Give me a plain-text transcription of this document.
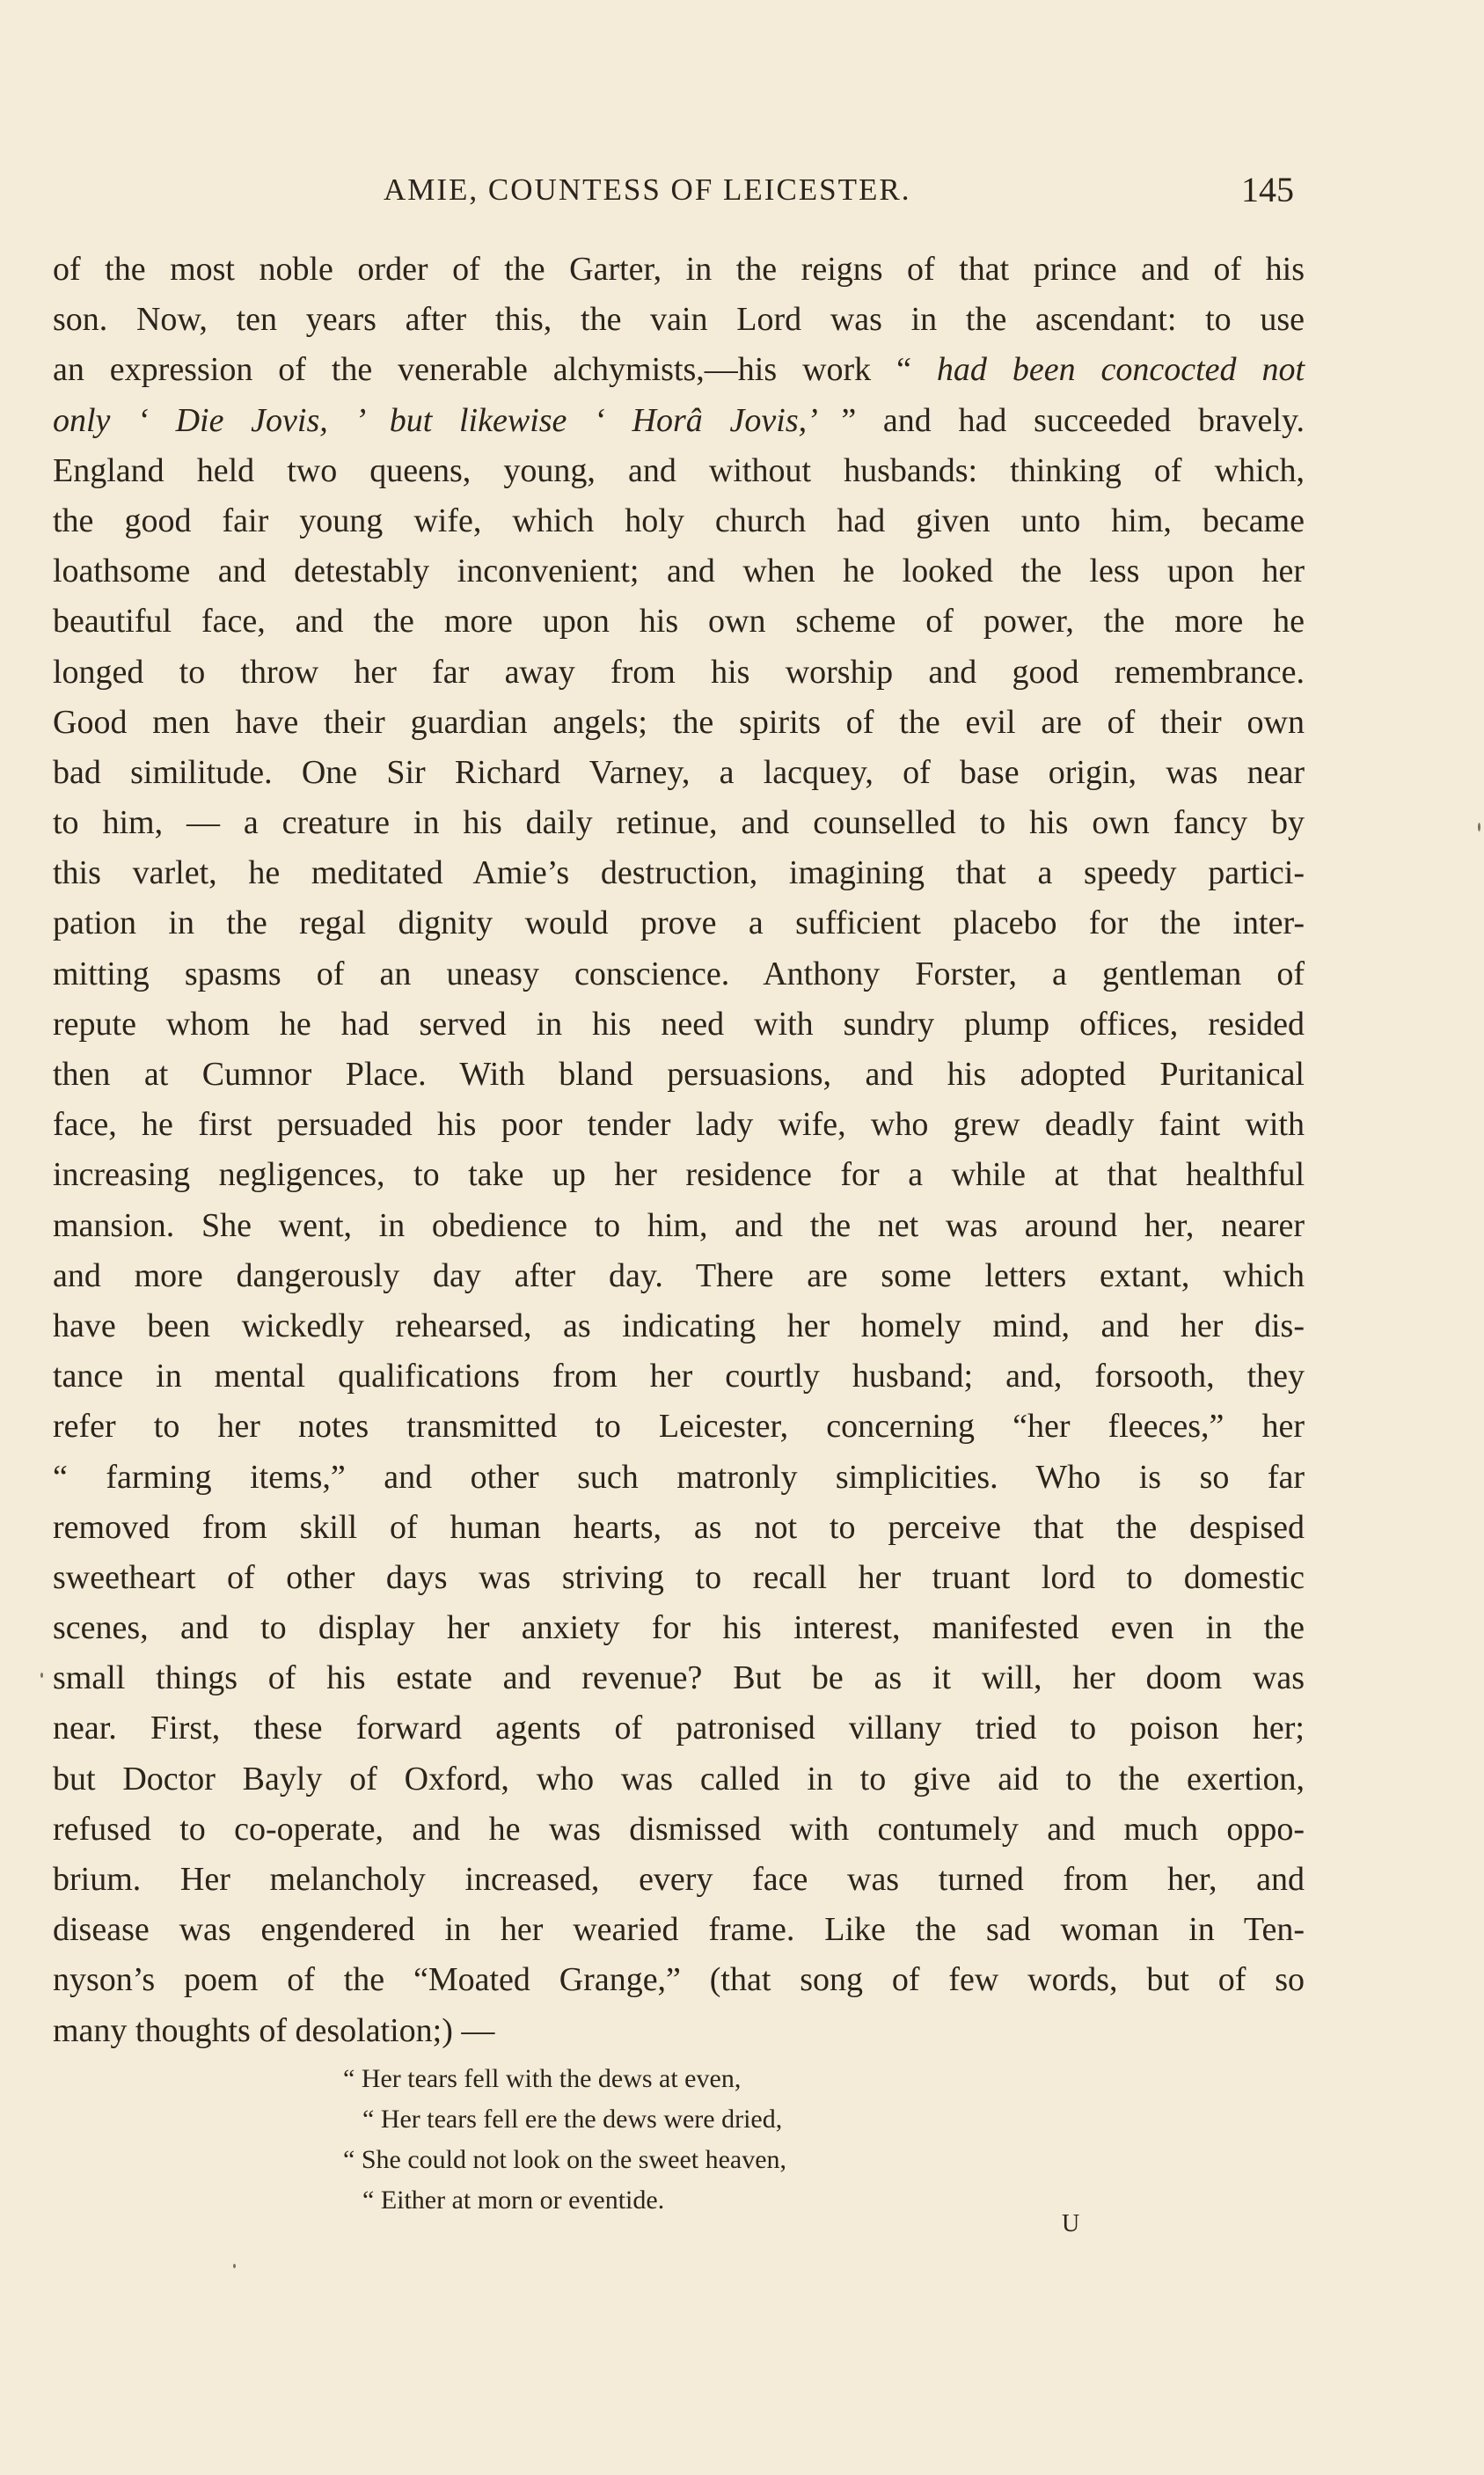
AMIE, COUNTESS OF LEICESTER.	145
of the most noble order of the Garter, in the reigns of that prince and of his
son. Now, ten years after this, the vain Lord was in the ascendant: to use
an expression of the venerable alchymists,—his work “ had been concocted not
only ‘ Die Jovis, ’ but likewise ‘ Horâ Jovis,’ ” and had succeeded bravely.
England held two queens, young, and without husbands: thinking of which,
the good fair young wife, which holy church had given unto him, became
loathsome and detestably inconvenient; and when he looked the less upon her
beautiful face, and the more upon his own scheme of power, the more he
longed to throw her far away from his worship and good remembrance.
Good men have their guardian angels; the spirits of the evil are of their own
bad similitude. One Sir Richard Varney, a lacquey, of base origin, was near
to him, — a creature in his daily retinue, and counselled to his own fancy by
this varlet, he meditated Amie’s destruction, imagining that a speedy partici-
pation in the regal dignity would prove a sufficient placebo for the inter-
mitting spasms of an uneasy conscience. Anthony Forster, a gentleman of
repute whom he had served in his need with sundry plump offices, resided
then at Cumnor Place. With bland persuasions, and his adopted Puritanical
face, he first persuaded his poor tender lady wife, who grew deadly faint with
increasing negligences, to take up her residence for a while at that healthful
mansion. She went, in obedience to him, and the net was around her, nearer
and more dangerously day after day. There are some letters extant, which
have been wickedly rehearsed, as indicating her homely mind, and her dis-
tance in mental qualifications from her courtly husband; and, forsooth, they
refer to her notes transmitted to Leicester, concerning “her fleeces,” her
“ farming items,” and other such matronly simplicities. Who is so far
removed from skill of human hearts, as not to perceive that the despised
sweetheart of other days was striving to recall her truant lord to domestic
scenes, and to display her anxiety for his interest, manifested even in the
small things of his estate and revenue? But be as it will, her doom was
near. First, these forward agents of patronised villany tried to poison her;
but Doctor Bayly of Oxford, who was called in to give aid to the exertion,
refused to co-operate, and he was dismissed with contumely and much oppo-
brium. Her melancholy increased, every face was turned from her, and
disease was engendered in her wearied frame. Like the sad woman in Ten-
nyson’s poem of the “Moated Grange,” (that song of few words, but of so
many thoughts of desolation;) —
“ Her tears fell with the dews at even,
“ Her tears fell ere the dews were dried,
“ She could not look on the sweet heaven,
“ Either at morn or eventide.
U
